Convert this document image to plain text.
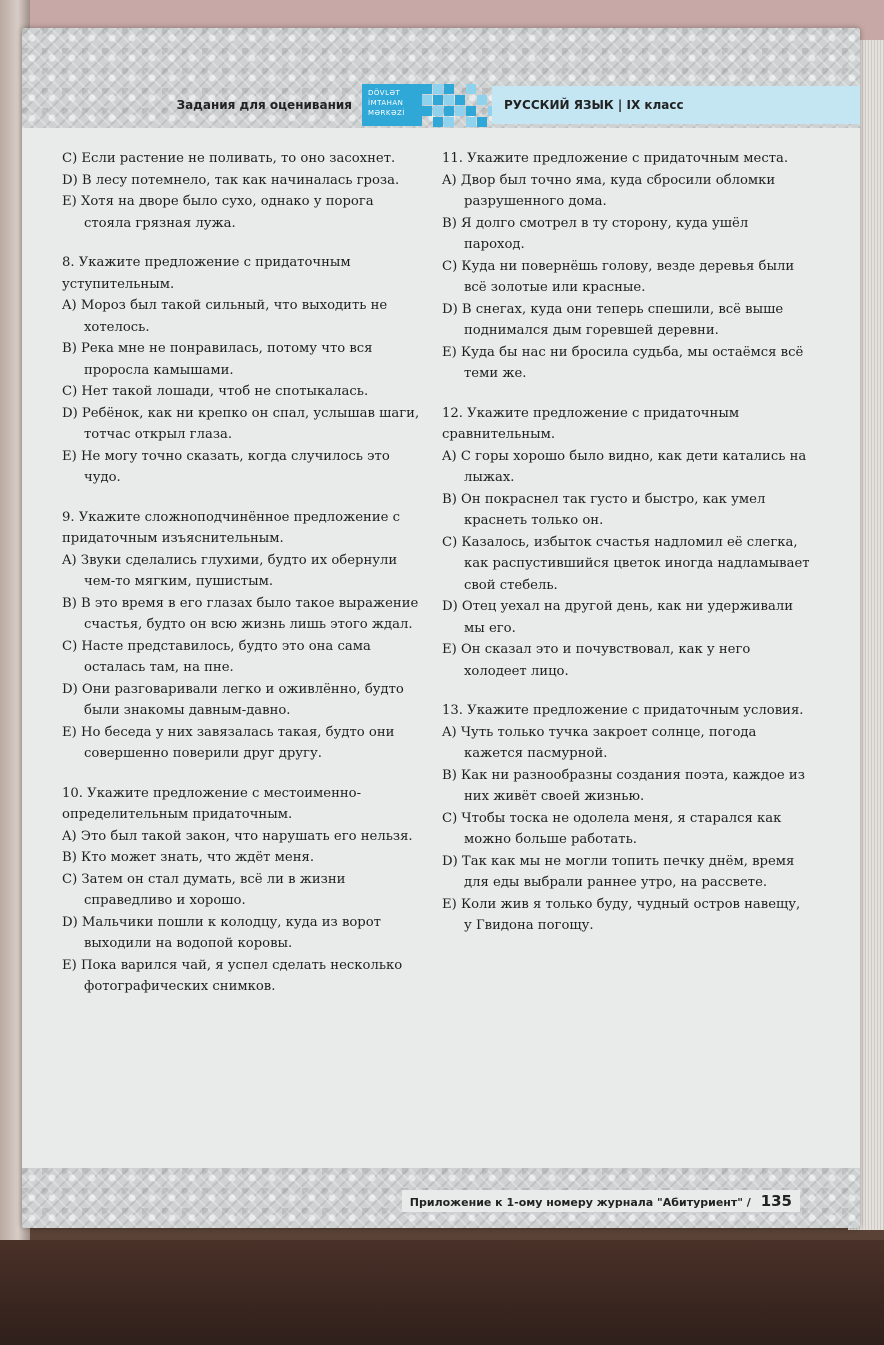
Задания для оценивания
DÖVLƏT
İMTAHAN
MƏRKƏZİ
РУССКИЙ ЯЗЫК | IX класс
C) Если растение не поливать, то оно засохнет.
D) В лесу потемнело, так как начиналась гроза.
E) Хотя на дворе было сухо, однако у порога стояла грязная лужа.
8. Укажите предложение с придаточным уступительным.
A) Мороз был такой сильный, что выходить не хотелось.
B) Река мне не понравилась, потому что вся проросла камышами.
C) Нет такой лошади, чтоб не спотыкалась.
D) Ребёнок, как ни крепко он спал, услышав шаги, тотчас открыл глаза.
E) Не могу точно сказать, когда случилось это чудо.
9. Укажите сложноподчинённое предложение с придаточным изъяснительным.
A) Звуки сделались глухими, будто их обернули чем-то мягким, пушистым.
B) В это время в его глазах было такое выражение счастья, будто он всю жизнь лишь этого ждал.
C) Насте представилось, будто это она сама осталась там, на пне.
D) Они разговаривали легко и оживлённо, будто были знакомы давным-давно.
E) Но беседа у них завязалась такая, будто они совершенно поверили друг другу.
10. Укажите предложение с местоименно-определительным придаточным.
A) Это был такой закон, что нарушать его нельзя.
B) Кто может знать, что ждёт меня.
C) Затем он стал думать, всё ли в жизни справедливо и хорошо.
D) Мальчики пошли к колодцу, куда из ворот выходили на водопой коровы.
E) Пока варился чай, я успел сделать несколько фотографических снимков.
11. Укажите предложение с придаточным места.
A) Двор был точно яма, куда сбросили обломки разрушенного дома.
B) Я долго смотрел в ту сторону, куда ушёл пароход.
C) Куда ни повернёшь голову, везде деревья были всё золотые или красные.
D) В снегах, куда они теперь спешили, всё выше поднимался дым горевшей деревни.
E) Куда бы нас ни бросила судьба, мы остаёмся всё теми же.
12. Укажите предложение с придаточным сравнительным.
A) С горы хорошо было видно, как дети катались на лыжах.
B) Он покраснел так густо и быстро, как умел краснеть только он.
C) Казалось, избыток счастья надломил её слегка, как распустившийся цветок иногда надламывает свой стебель.
D) Отец уехал на другой день, как ни удерживали мы его.
E) Он сказал это и почувствовал, как у него холодеет лицо.
13. Укажите предложение с придаточным условия.
A) Чуть только тучка закроет солнце, погода кажется пасмурной.
B) Как ни разнообразны создания поэта, каждое из них живёт своей жизнью.
C) Чтобы тоска не одолела меня, я старался как можно больше работать.
D) Так как мы не могли топить печку днём, время для еды выбрали раннее утро, на рассвете.
E) Коли жив я только буду, чудный остров навещу, у Гвидона погощу.
Приложение к 1-ому номеру журнала "Абитуриент" / 135
